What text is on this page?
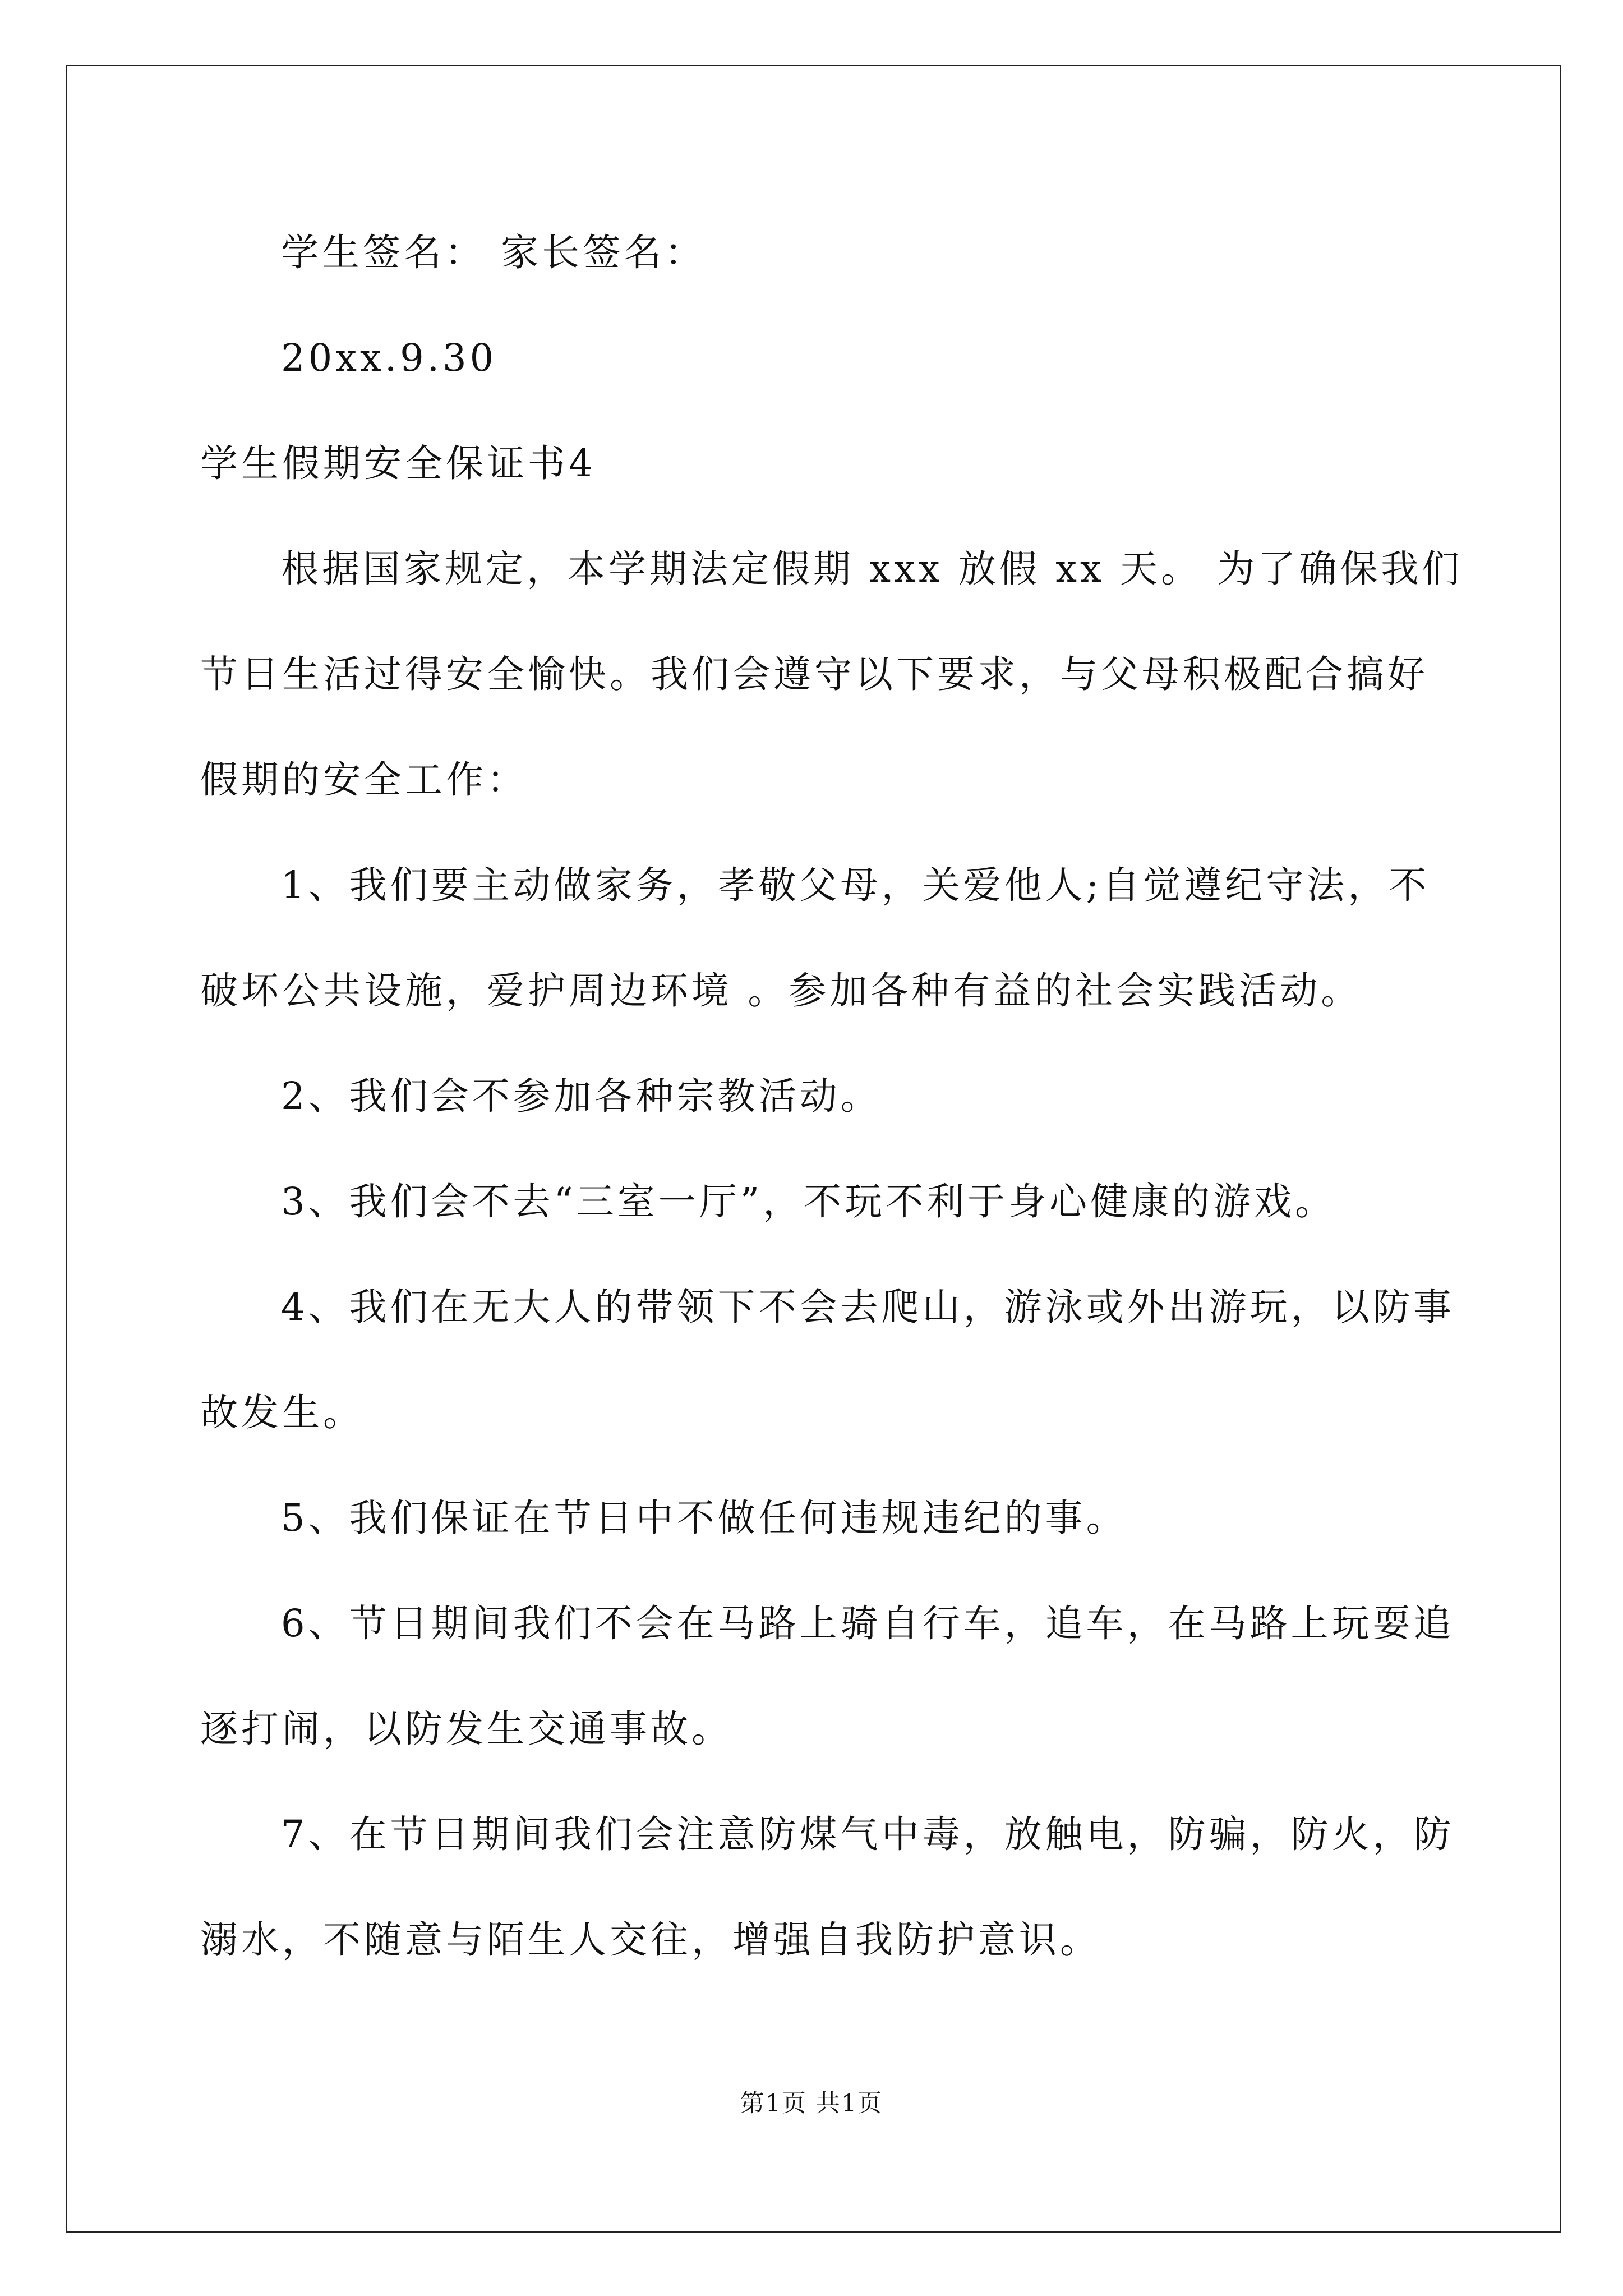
学生签名： 家长签名：
20xx.9.30
学生假期安全保证书4
根据国家规定，本学期法定假期 xxx 放假 xx 天。 为了确保我们
节日生活过得安全愉快。我们会遵守以下要求，与父母积极配合搞好
假期的安全工作：
1、我们要主动做家务，孝敬父母，关爱他人;自觉遵纪守法，不
破坏公共设施，爱护周边环境 。参加各种有益的社会实践活动。
2、我们会不参加各种宗教活动。
3、我们会不去“三室一厅”，不玩不利于身心健康的游戏。
4、我们在无大人的带领下不会去爬山，游泳或外出游玩，以防事
故发生。
5、我们保证在节日中不做任何违规违纪的事。
6、节日期间我们不会在马路上骑自行车，追车，在马路上玩耍追
逐打闹，以防发生交通事故。
7、在节日期间我们会注意防煤气中毒，放触电，防骗，防火，防
溺水，不随意与陌生人交往，增强自我防护意识。
第1页 共1页
